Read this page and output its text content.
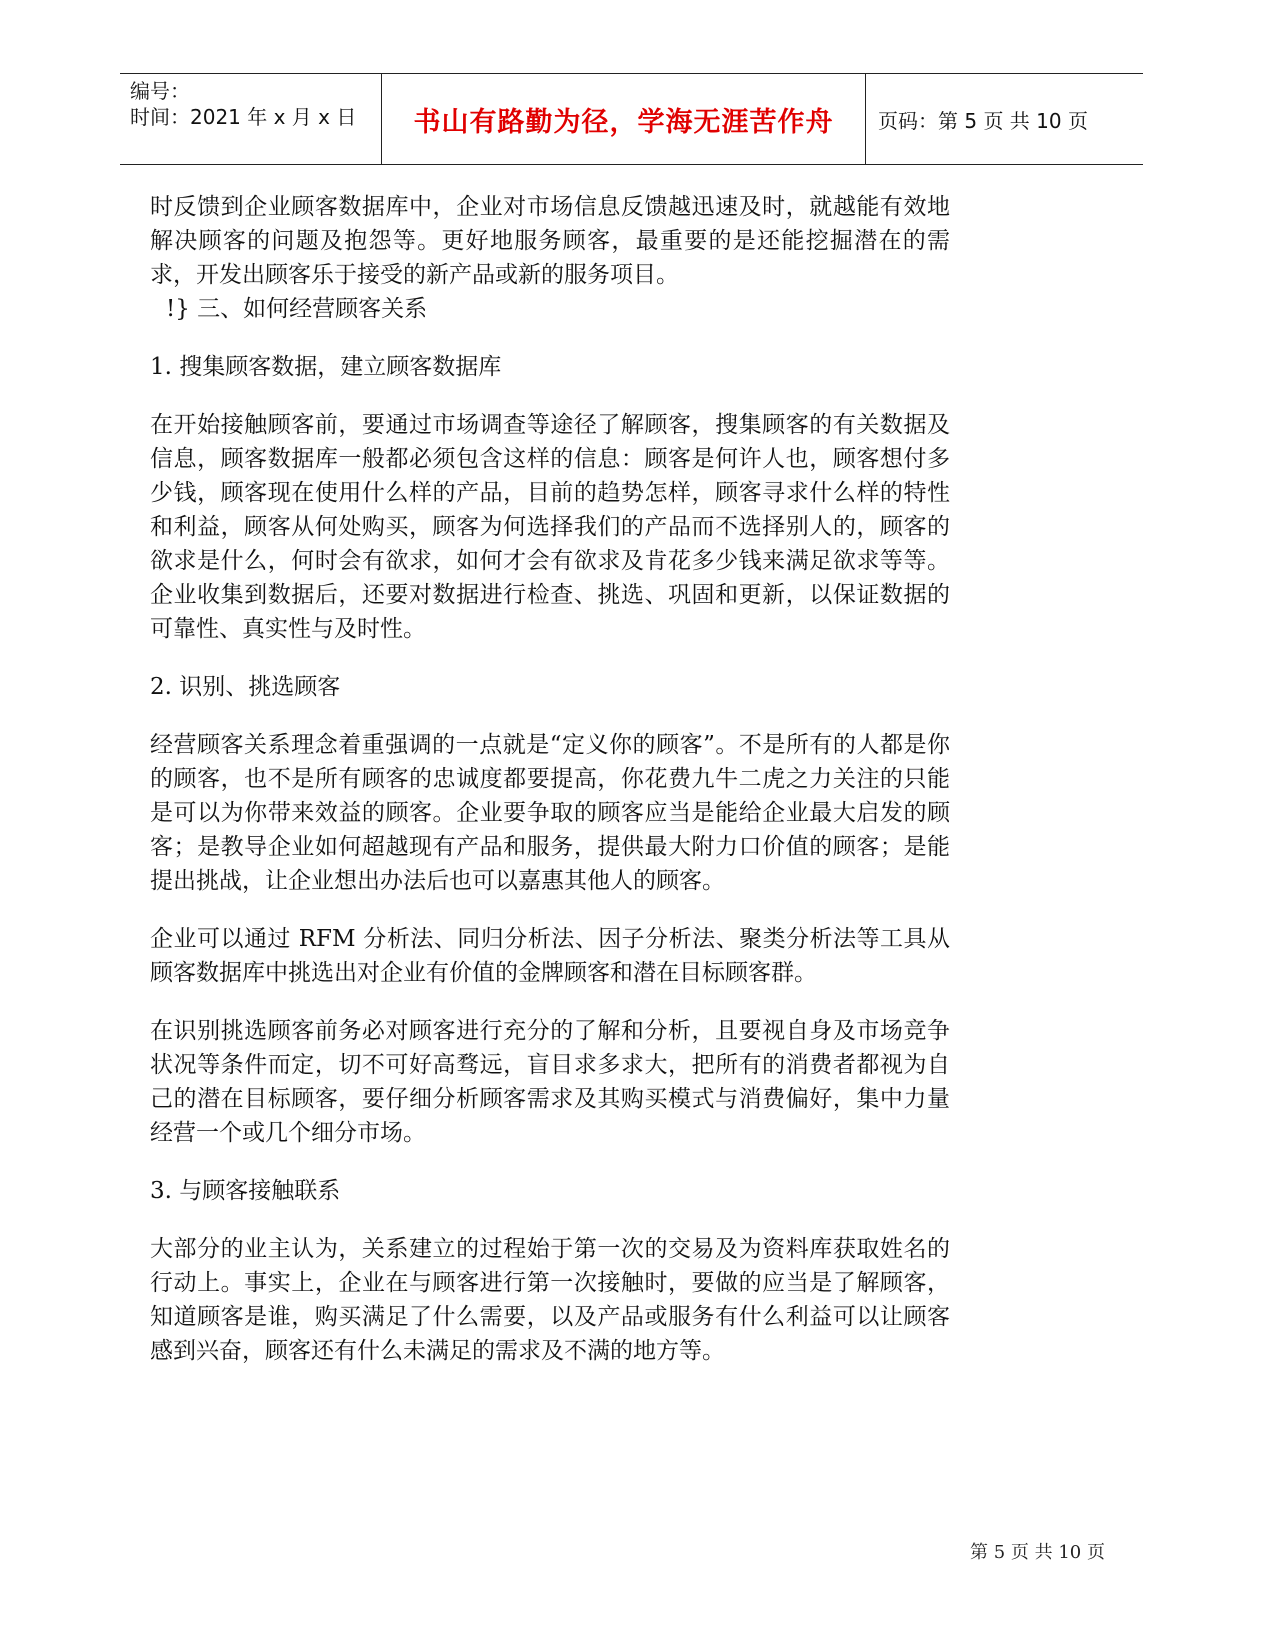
编号：
时间：2021 年 x 月 x 日	书山有路勤为径，学海无涯苦作舟 页码：第 5 页 共 10 页

时反馈到企业顾客数据库中，企业对市场信息反馈越迅速及时，就越能有效地解决顾客的问题及抱怨等。更好地服务顾客，最重要的是还能挖掘潜在的需求，开发出顾客乐于接受的新产品或新的服务项目。

!} 三、如何经营顾客关系

1. 搜集顾客数据，建立顾客数据库

在开始接触顾客前，要通过市场调查等途径了解顾客，搜集顾客的有关数据及信息，顾客数据库一般都必须包含这样的信息：顾客是何许人也，顾客想付多少钱，顾客现在使用什么样的产品，目前的趋势怎样，顾客寻求什么样的特性和利益，顾客从何处购买，顾客为何选择我们的产品而不选择别人的，顾客的欲求是什么，何时会有欲求，如何才会有欲求及肯花多少钱来满足欲求等等。企业收集到数据后，还要对数据进行检查、挑选、巩固和更新，以保证数据的可靠性、真实性与及时性。

2. 识别、挑选顾客

经营顾客关系理念着重强调的一点就是“定义你的顾客”。不是所有的人都是你的顾客，也不是所有顾客的忠诚度都要提高，你花费九牛二虎之力关注的只能是可以为你带来效益的顾客。企业要争取的顾客应当是能给企业最大启发的顾客；是教导企业如何超越现有产品和服务，提供最大附力口价值的顾客；是能提出挑战，让企业想出办法后也可以嘉惠其他人的顾客。

企业可以通过 RFM 分析法、同归分析法、因子分析法、聚类分析法等工具从顾客数据库中挑选出对企业有价值的金牌顾客和潜在目标顾客群。

在识别挑选顾客前务必对顾客进行充分的了解和分析，且要视自身及市场竞争状况等条件而定，切不可好高骛远，盲目求多求大，把所有的消费者都视为自己的潜在目标顾客，要仔细分析顾客需求及其购买模式与消费偏好，集中力量经营一个或几个细分市场。

3. 与顾客接触联系

大部分的业主认为，关系建立的过程始于第一次的交易及为资料库获取姓名的行动上。事实上，企业在与顾客进行第一次接触时，要做的应当是了解顾客，知道顾客是谁，购买满足了什么需要，以及产品或服务有什么利益可以让顾客感到兴奋，顾客还有什么未满足的需求及不满的地方等。

第 5 页 共 10 页
